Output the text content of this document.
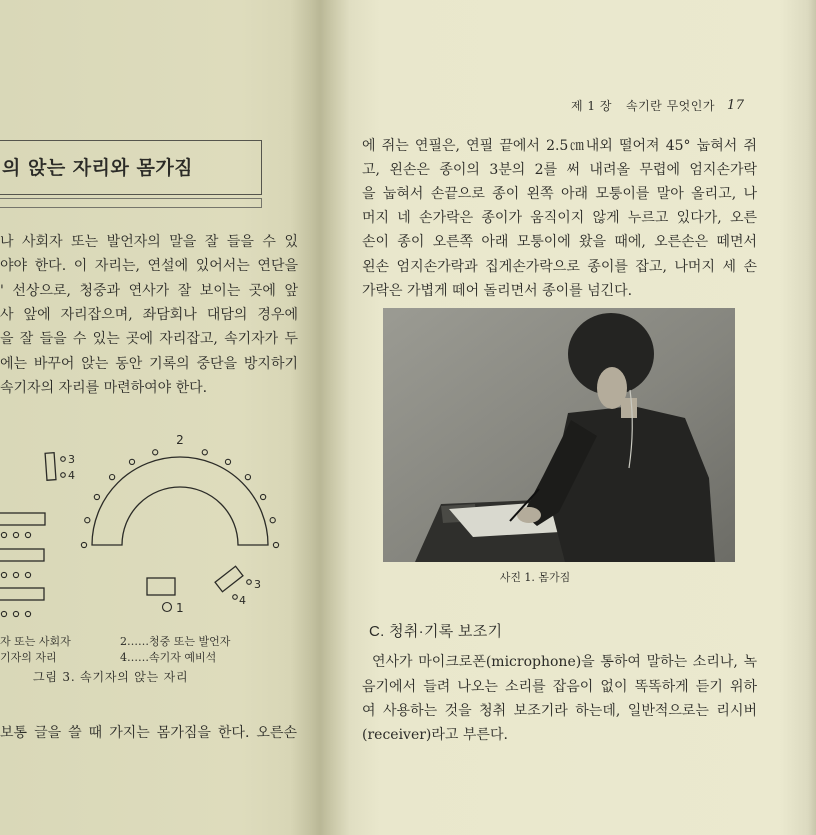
의 앉는 자리와 몸가짐
나 사회자 또는 발언자의 말을 잘 들을 수 있
야야 한다. 이 자리는, 연설에 있어서는 연단을
' 선상으로, 청중과 연사가 잘 보이는 곳에 앞
사 앞에 자리잡으며, 좌담회나 대담의 경우에
을 잘 들을 수 있는 곳에 자리잡고, 속기자가 두
에는 바꾸어 앉는 동안 기록의 중단을 방지하기
속기자의 자리를 마련하여야 한다.
2
3
4
1
3
4
자 또는 사회자	2……청중 또는 발언자
기자의 자리	4……속기자 예비석
그림 3. 속기자의 앉는 자리
보통 글을 쓸 때 가지는 몸가짐을 한다. 오른손
제 1 장 속기란 무엇인가 17
에 쥐는 연필은, 연필 끝에서 2.5㎝내외 떨어져 45° 눕혀서 쥐
고, 왼손은 종이의 3분의 2를 써 내려올 무렵에 엄지손가락
을 눕혀서 손끝으로 종이 왼쪽 아래 모퉁이를 말아 올리고, 나
머지 네 손가락은 종이가 움직이지 않게 누르고 있다가, 오른
손이 종이 오른쪽 아래 모퉁이에 왔을 때에, 오른손은 떼면서
왼손 엄지손가락과 집게손가락으로 종이를 잡고, 나머지 세 손
가락은 가볍게 떼어 돌리면서 종이를 넘긴다.
사진 1. 몸가짐
C. 청취·기록 보조기
연사가 마이크로폰(microphone)을 통하여 말하는 소리나, 녹
음기에서 들려 나오는 소리를 잡음이 없이 똑똑하게 듣기 위하
여 사용하는 것을 청취 보조기라 하는데, 일반적으로는 리시버
(receiver)라고 부른다.
